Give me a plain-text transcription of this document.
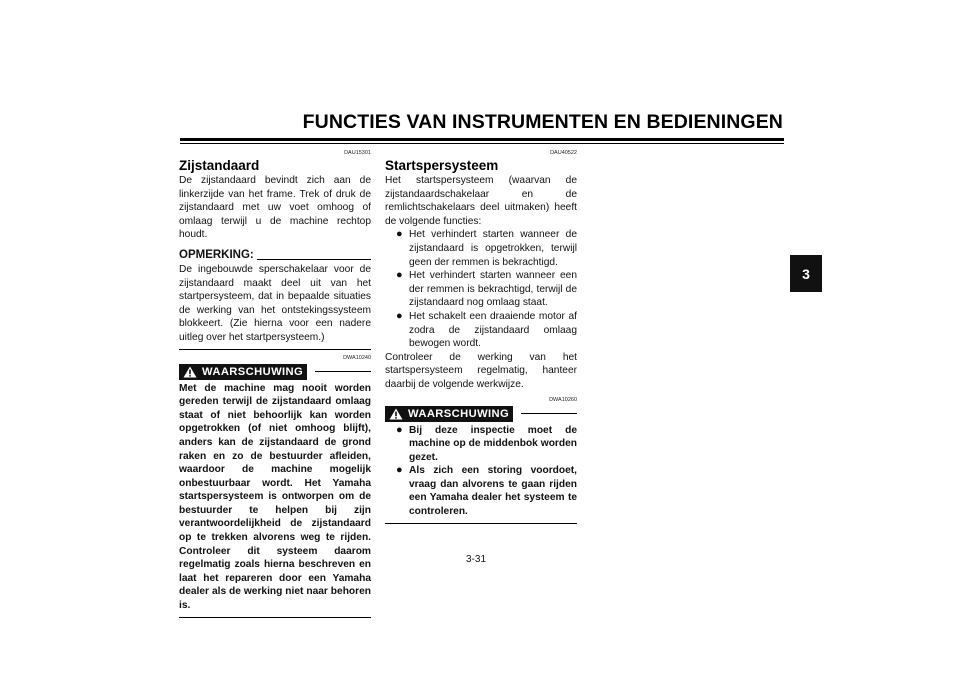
FUNCTIES VAN INSTRUMENTEN EN BEDIENINGEN
3
DAU15301
Zijstandaard

De zijstandaard bevindt zich aan de linkerzijde van het frame. Trek of druk de zijstandaard met uw voet omhoog of omlaag terwijl u de machine rechtop houdt.

OPMERKING:

De ingebouwde sperschakelaar voor de zijstandaard maakt deel uit van het startpersysteem, dat in bepaalde situaties de werking van het ontstekingssysteem blokkeert. (Zie hierna voor een nadere uitleg over het startpersysteem.)

DWA10240
WAARSCHUWING
Met de machine mag nooit worden gereden terwijl de zijstandaard omlaag staat of niet behoorlijk kan worden opgetrokken (of niet omhoog blijft), anders kan de zijstandaard de grond raken en zo de bestuurder afleiden, waardoor de machine mogelijk onbestuurbaar wordt. Het Yamaha startspersysteem is ontworpen om de bestuurder te helpen bij zijn verantwoordelijkheid de zijstandaard op te trekken alvorens weg te rijden. Controleer dit systeem daarom regelmatig zoals hierna beschreven en laat het repareren door een Yamaha dealer als de werking niet naar behoren is.
DAU40522
Startspersysteem

Het startspersysteem (waarvan de zijstandaardschakelaar en de remlichtschakelaars deel uitmaken) heeft de volgende functies:

● Het verhindert starten wanneer de zijstandaard is opgetrokken, terwijl geen der remmen is bekrachtigd.
● Het verhindert starten wanneer een der remmen is bekrachtigd, terwijl de zijstandaard nog omlaag staat.
● Het schakelt een draaiende motor af zodra de zijstandaard omlaag bewogen wordt.

Controleer de werking van het startspersysteem regelmatig, hanteer daarbij de volgende werkwijze.

DWA10260
WAARSCHUWING
● Bij deze inspectie moet de machine op de middenbok worden gezet.
● Als zich een storing voordoet, vraag dan alvorens te gaan rijden een Yamaha dealer het systeem te controleren.
3-31
